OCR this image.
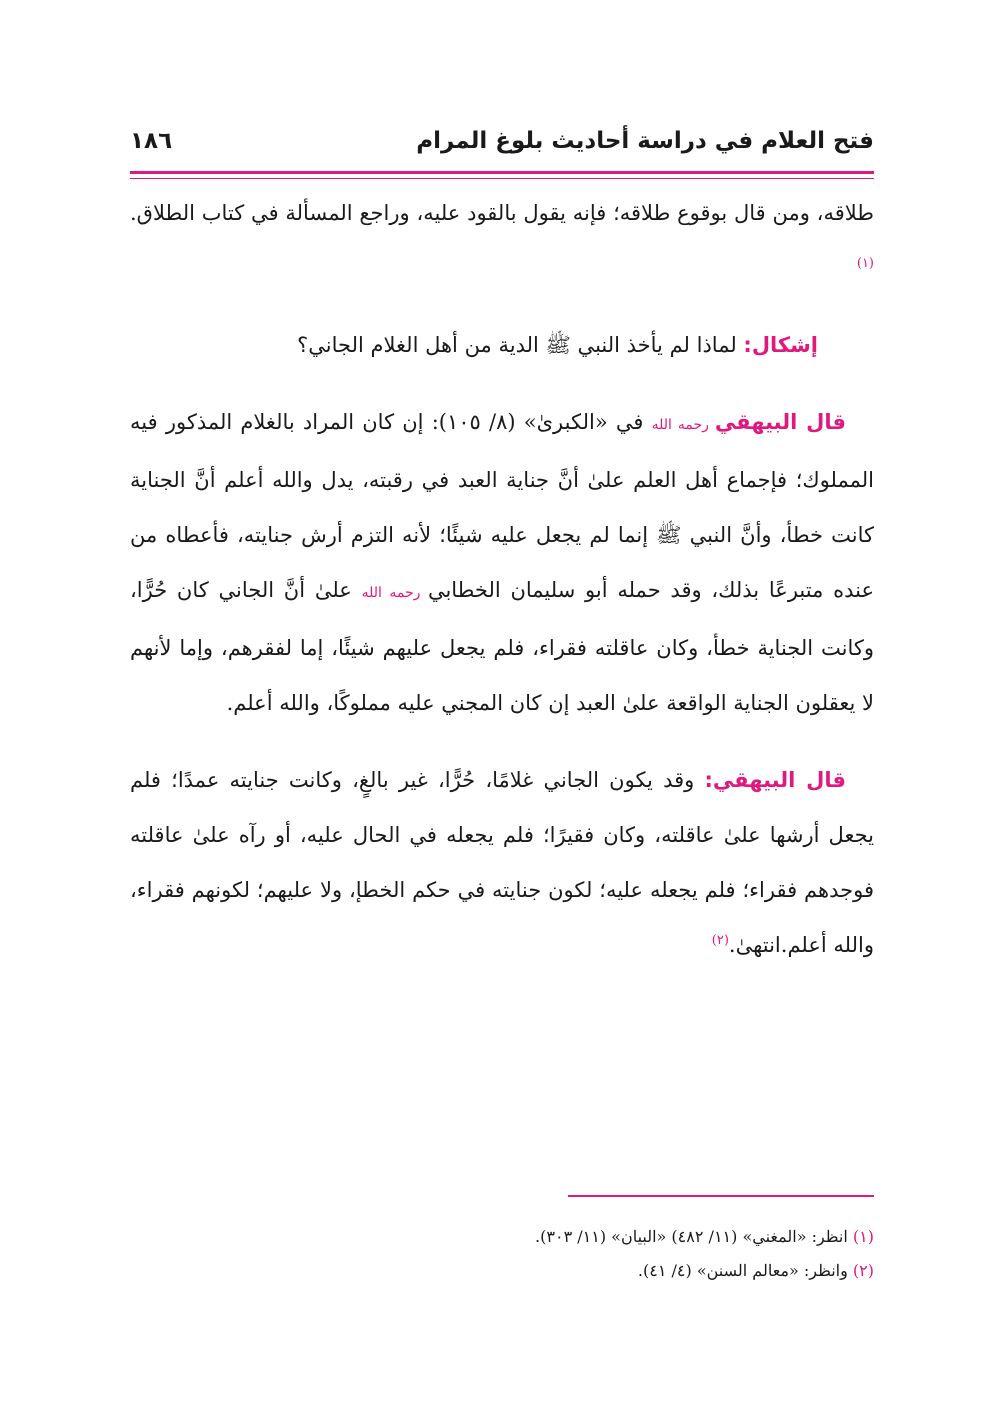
فتح العلام في دراسة أحاديث بلوغ المرام
١٨٦

طلاقه، ومن قال بوقوع طلاقه؛ فإنه يقول بالقود عليه، وراجع المسألة في كتاب الطلاق.$^{(١)}$

إشكال: لماذا لم يأخذ النبي ﷺ الدية من أهل الغلام الجاني؟

قال البيهقي رحمه الله في «الكبرىٰ» (٨/ ١٠٥): إن كان المراد بالغلام المذكور فيه المملوك؛ فإجماع أهل العلم علىٰ أنَّ جناية العبد في رقبته، يدل والله أعلم أنَّ الجناية كانت خطأ، وأنَّ النبي ﷺ إنما لم يجعل عليه شيئًا؛ لأنه التزم أرش جنايته، فأعطاه من عنده متبرعًا بذلك، وقد حمله أبو سليمان الخطابي رحمه الله علىٰ أنَّ الجاني كان حُرًّا، وكانت الجناية خطأ، وكان عاقلته فقراء، فلم يجعل عليهم شيئًا، إما لفقرهم، وإما لأنهم لا يعقلون الجناية الواقعة علىٰ العبد إن كان المجني عليه مملوكًا، والله أعلم.

قال البيهقي: وقد يكون الجاني غلامًا، حُرًّا، غير بالغٍ، وكانت جنايته عمدًا؛ فلم يجعل أرشها علىٰ عاقلته، وكان فقيرًا؛ فلم يجعله في الحال عليه، أو رآه علىٰ عاقلته فوجدهم فقراء؛ فلم يجعله عليه؛ لكون جنايته في حكم الخطإ، ولا عليهم؛ لكونهم فقراء، والله أعلم.انتهىٰ.$^{(٢)}$

(١) انظر: «المغني» (١١/ ٤٨٢) «البيان» (١١/ ٣٠٣).

(٢) وانظر: «معالم السنن» (٤/ ٤١).
